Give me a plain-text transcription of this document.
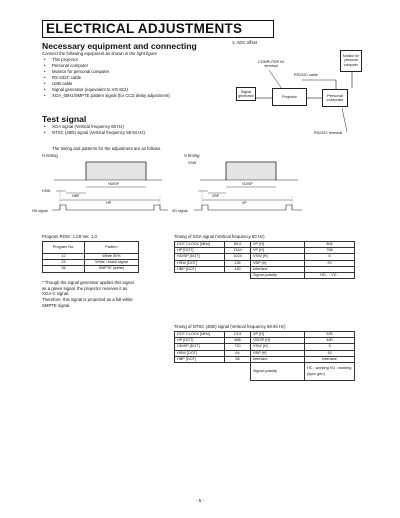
ELECTRICAL ADJUSTMENTS
Necessary equipment and connecting
Connect the following equipment as shown in the right figure
• This projector
• Personal computer
• Monitor for personal computer
• RS-232C cable
• USB cable
• Signal generator (equivalent to VG-812)
• XGA_60Hz/SMPTE pattern signal (for CCD delay adjustment)
1. ADC offset
Monitor for personal computer
COMPUTER IN terminal
RS232C cable
Signal generator	Projector	Personal computer
RS232C terminal
Test signal
• XGA signal (Vertical frequency 60 Hz)
• NTSC (480i) signal (Vertical frequency 59.94 Hz)
The timing and patterns for the adjustment are as follows.
H timing	V timing
HSW
HDISP
HBP
HP
HD signal
VSW
VDISP
VBP
VP
VD signal
Program ROM : LC8 Ver. 1.0
Program No.	Pattern
12	White 50%
29	White / black signal
36	SMPTE (white)
* Though the signal generator applies this signal
as a green signal, the projector receives it as
XGA-C signal.
Therefore, this signal is projected as a full-white
SMPTE signal.
Timing of XGA signal (Vertical frequency 60 Hz)
DOT CLOCK [MHz]	65.0	VP [H]	806
HP [DOT]	1344	VP [H]	768
HDISP [DOT]	1024	VSW [H]	6
HSW [DOT]	136	VBP [H]	29
HBP [DOT]	160	Interlace	-
		Signal polarity	HD - , VD -
Timing of NTSC (480i) signal (Vertical frequency 59.94 Hz)
DOT CLOCK [MHz]	13.5	VP [H]	525
HP [DOT]	858	VDISP [H]	480
HDISP [DOT]	720	VSW [H]	3
HSW [DOT]	64	VBP [H]	16
HBP [DOT]	58	Interlace	Interlace
		Signal polarity	HC : working VD : working (sync gen)
- 5 -
